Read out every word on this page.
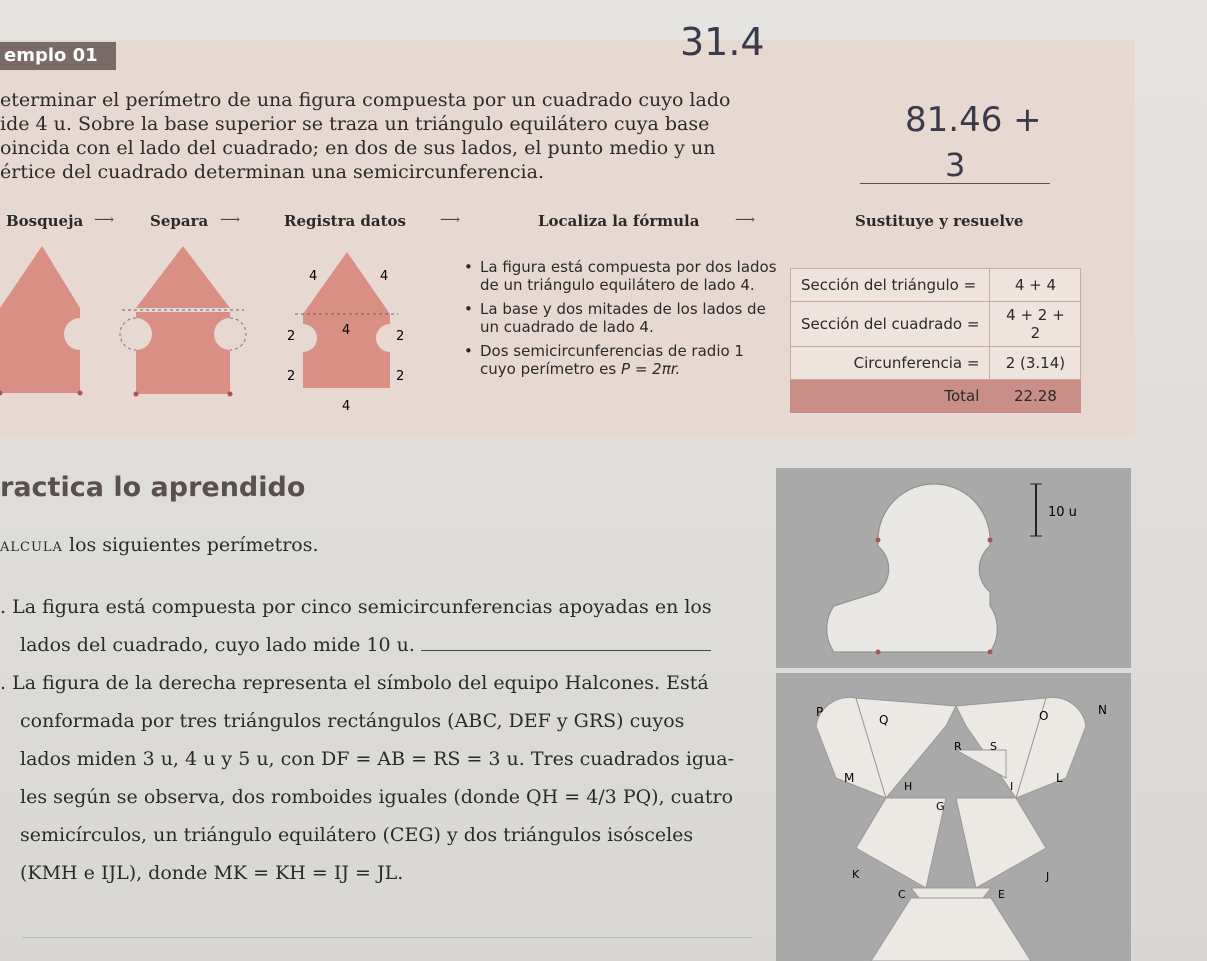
emplo 01	31.4
eterminar el perímetro de una figura compuesta por un cuadrado cuyo lado
ide 4 u. Sobre la base superior se traza un triángulo equilátero cuya base
oincida con el lado del cuadrado; en dos de sus lados, el punto medio y un
értice del cuadrado determinan una semicircunferencia.
81.46 +
3
Bosqueja ⟶ Separa ⟶	Registra datos ⟶	Localiza la fórmula	⟶	Sustituye y resuelve
4	4
2	4	2
2	2
4
• La figura está compuesta por dos lados de un triángulo equilátero de lado 4.
• La base y dos mitades de los lados de un cuadrado de lado 4.
• Dos semicircunferencias de radio 1 cuyo perímetro es P = 2πr.
Sección del triángulo =	4 + 4
Sección del cuadrado =	4 + 2 + 2
Circunferencia =	2 (3.14)
Total	22.28
ractica lo aprendido
alcula los siguientes perímetros.
. La figura está compuesta por cinco semicircunferencias apoyadas en los
lados del cuadrado, cuyo lado mide 10 u.
. La figura de la derecha representa el símbolo del equipo Halcones. Está
conformada por tres triángulos rectángulos (ABC, DEF y GRS) cuyos
lados miden 3 u, 4 u y 5 u, con DF = AB = RS = 3 u. Tres cuadrados igua-
les según se observa, dos romboides iguales (donde QH = 4/3 PQ), cuatro
semicírculos, un triángulo equilátero (CEG) y dos triángulos isósceles
(KMH e IJL), donde MK = KH = IJ = JL.
10 u
P
Q	O	N
R	S
M
H	I
L
G
K	J
C	E
